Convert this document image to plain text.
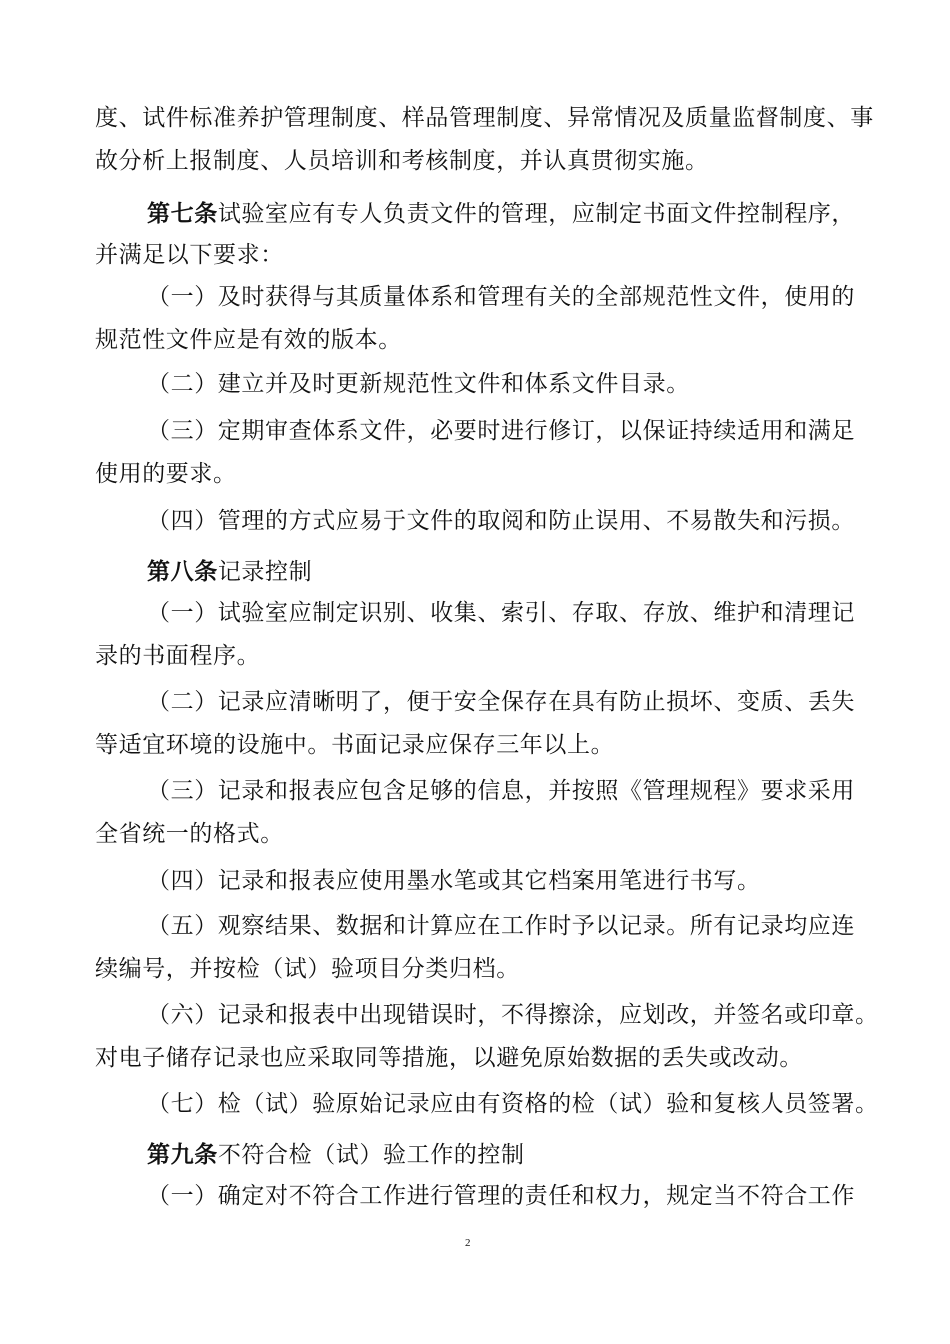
度、试件标准养护管理制度、样品管理制度、异常情况及质量监督制度、事
故分析上报制度、人员培训和考核制度，并认真贯彻实施。
第七条试验室应有专人负责文件的管理，应制定书面文件控制程序，
并满足以下要求：
（一）及时获得与其质量体系和管理有关的全部规范性文件，使用的
规范性文件应是有效的版本。
（二）建立并及时更新规范性文件和体系文件目录。
（三）定期审查体系文件，必要时进行修订，以保证持续适用和满足
使用的要求。
（四）管理的方式应易于文件的取阅和防止误用、不易散失和污损。
第八条记录控制
（一）试验室应制定识别、收集、索引、存取、存放、维护和清理记
录的书面程序。
（二）记录应清晰明了，便于安全保存在具有防止损坏、变质、丢失
等适宜环境的设施中。书面记录应保存三年以上。
（三）记录和报表应包含足够的信息，并按照《管理规程》要求采用
全省统一的格式。
（四）记录和报表应使用墨水笔或其它档案用笔进行书写。
（五）观察结果、数据和计算应在工作时予以记录。所有记录均应连
续编号，并按检（试）验项目分类归档。
（六）记录和报表中出现错误时，不得擦涂，应划改，并签名或印章。
对电子储存记录也应采取同等措施，以避免原始数据的丢失或改动。
（七）检（试）验原始记录应由有资格的检（试）验和复核人员签署。
第九条不符合检（试）验工作的控制
（一）确定对不符合工作进行管理的责任和权力，规定当不符合工作
2
